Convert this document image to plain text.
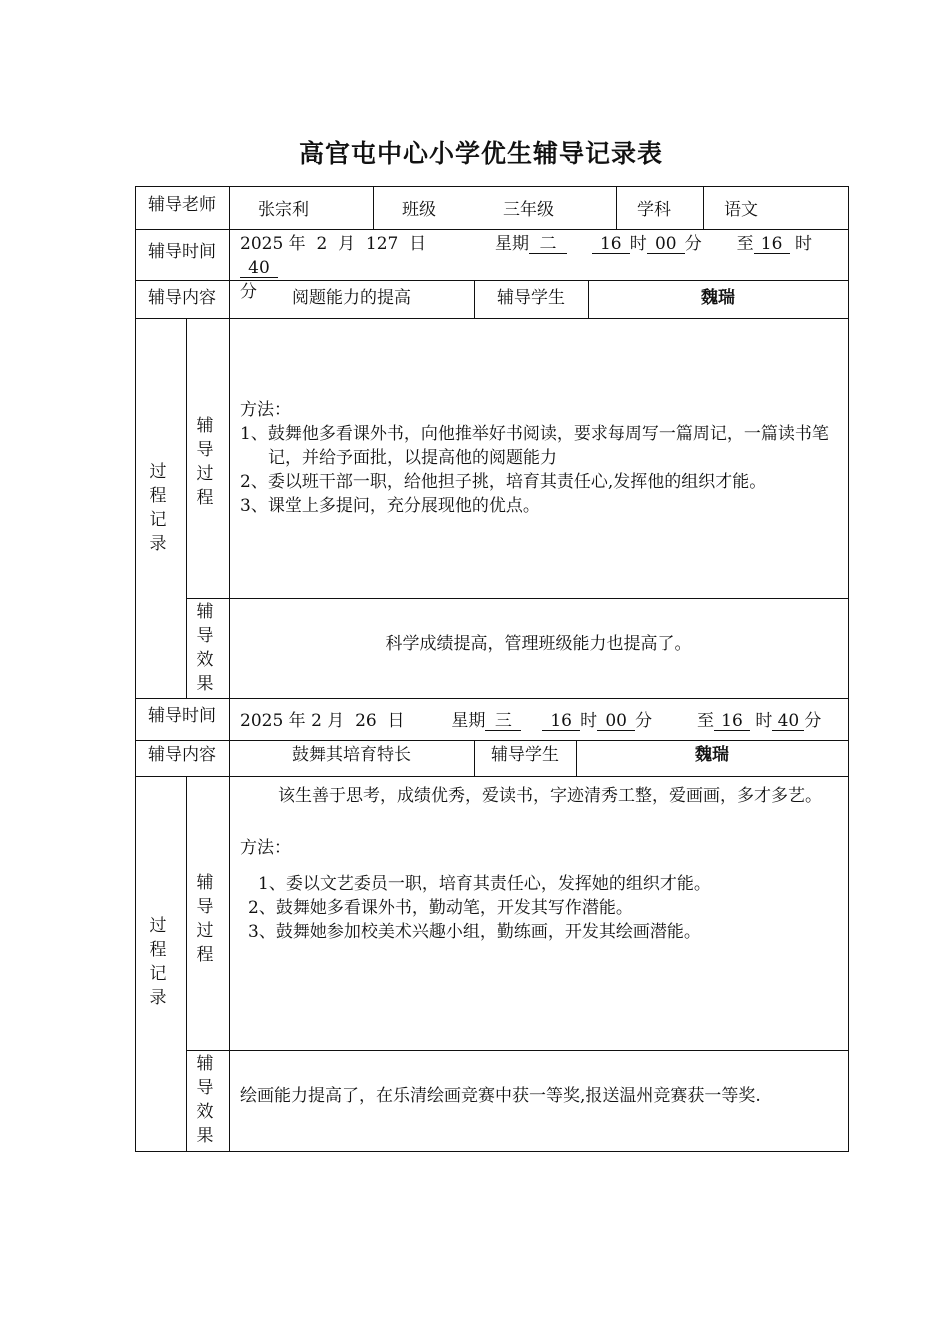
高官屯中心小学优生辅导记录表
辅导老师	张宗利	班级	三年级	学科	语文
辅导时间	2025 年  2  月  127  日	星期 二	16 时 00 分 至 16 时40
分
辅导内容	阅题能力的提高	辅导学生	魏瑞
过
程
记
录
辅
导
过
程
方法：
1、鼓舞他多看课外书，向他推举好书阅读，要求每周写一篇周记，一篇读书笔记，并给予面批，以提高他的阅题能力
2、委以班干部一职，给他担子挑，培育其责任心,发挥他的组织才能。
3、课堂上多提问，充分展现他的优点。
辅
导
效
果
科学成绩提高，管理班级能力也提高了。
辅导时间	2025 年 2 月  26  日	星期 三 16 时 00 分	至 16 时 40 分
辅导内容	鼓舞其培育特长	辅导学生	魏瑞
过
程
记
录
辅
导
过
程
该生善于思考，成绩优秀，爱读书，字迹清秀工整，爱画画，多才多艺。
方法：
1、委以文艺委员一职，培育其责任心，发挥她的组织才能。
2、鼓舞她多看课外书，勤动笔，开发其写作潜能。
3、鼓舞她参加校美术兴趣小组，勤练画，开发其绘画潜能。
辅
导
效
果
绘画能力提高了，在乐清绘画竞赛中获一等奖,报送温州竞赛获一等奖.
